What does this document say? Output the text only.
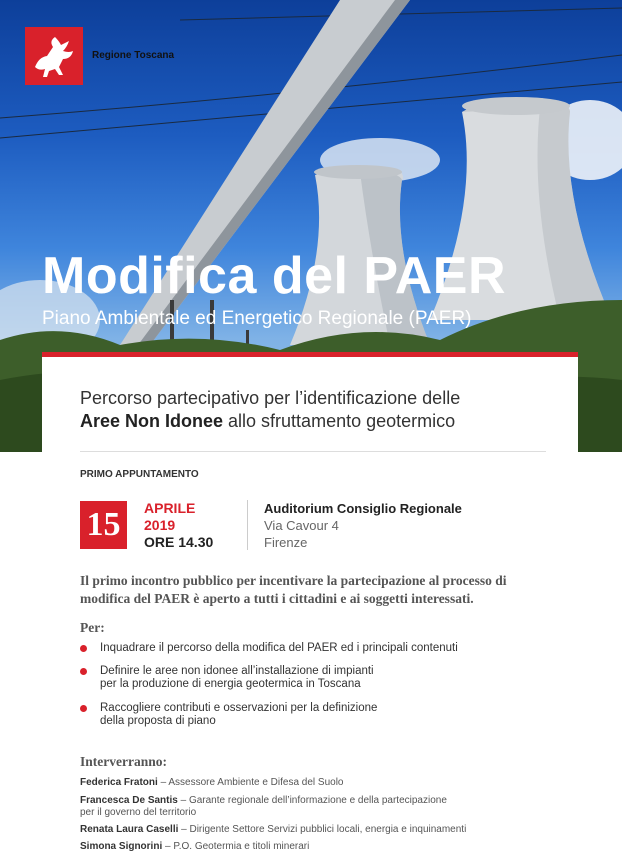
Regione Toscana
Modifica del PAER
Piano Ambientale ed Energetico Regionale (PAER)
Percorso partecipativo per l’identificazione delle
Aree Non Idonee allo sfruttamento geotermico
PRIMO APPUNTAMENTO
15	APRILE
2019
ORE 14.30
Auditorium Consiglio Regionale
Via Cavour 4
Firenze
Il primo incontro pubblico per incentivare la partecipazione al processo di modifica del PAER è aperto a tutti i cittadini e ai soggetti interessati.
Per:
Inquadrare il percorso della modifica del PAER ed i principali contenuti
Definire le aree non idonee all’installazione di impianti
per la produzione di energia geotermica in Toscana
Raccogliere contributi e osservazioni per la definizione
della proposta di piano
Interverranno:
Federica Fratoni – Assessore Ambiente e Difesa del Suolo
Francesca De Santis – Garante regionale dell’informazione e della partecipazione
per il governo del territorio
Renata Laura Caselli – Dirigente Settore Servizi pubblici locali, energia e inquinamenti
Simona Signorini – P.O. Geotermia e titoli minerari
